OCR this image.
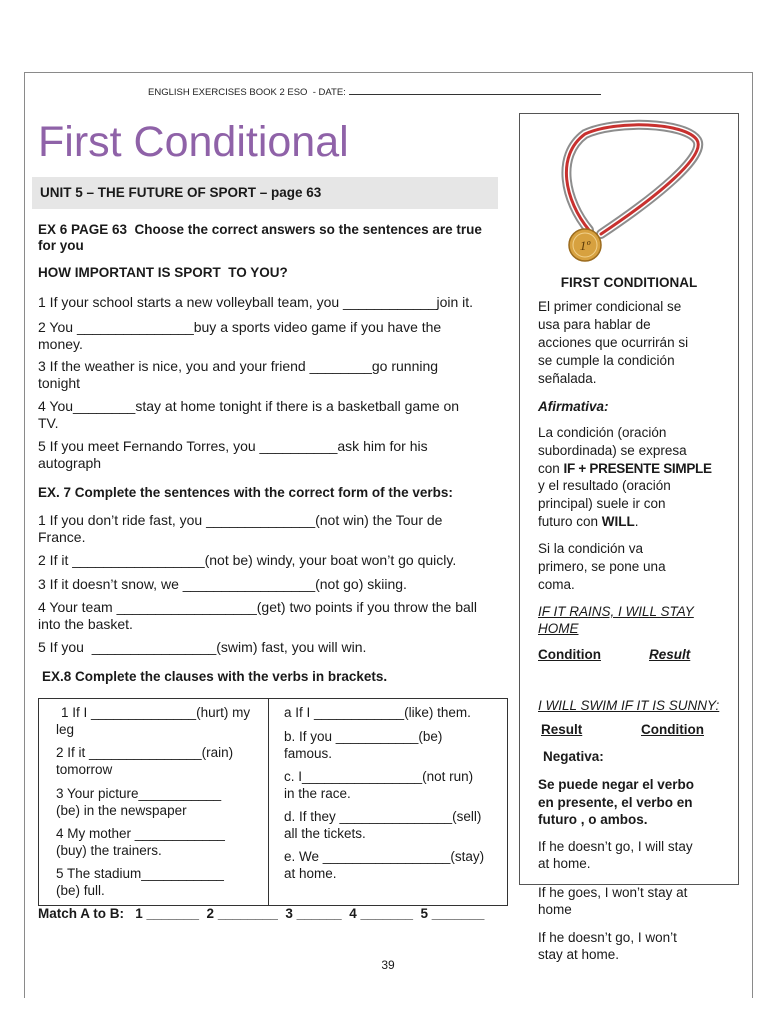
ENGLISH EXERCISES BOOK 2 ESO  - DATE:
First Conditional
UNIT 5 – THE FUTURE OF SPORT – page 63
EX 6 PAGE 63  Choose the correct answers so the sentences are true
for you
HOW IMPORTANT IS SPORT  TO YOU?
1 If your school starts a new volleyball team, you ____________join it.
2 You _______________buy a sports video game if you have the
money.
3 If the weather is nice, you and your friend ________go running
tonight
4 You________stay at home tonight if there is a basketball game on
TV.
5 If you meet Fernando Torres, you __________ask him for his
autograph
EX. 7 Complete the sentences with the correct form of the verbs:
1 If you don’t ride fast, you ______________(not win) the Tour de
France.
2 If it _________________(not be) windy, your boat won’t go quicly.
3 If it doesn’t snow, we _________________(not go) skiing.
4 Your team __________________(get) two points if you throw the ball
into the basket.
5 If you  ________________(swim) fast, you will win.
EX.8 Complete the clauses with the verbs in brackets.
1 If I ______________(hurt) my
leg
2 If it _______________(rain)
tomorrow
3 Your picture___________
(be) in the newspaper
4 My mother ____________
(buy) the trainers.
5 The stadium___________
(be) full.
a If I ____________(like) them.
b. If you ___________(be)
famous.
c. I________________(not run)
in the race.
d. If they _______________(sell)
all the tickets.
e. We _________________(stay)
at home.
Match A to B:   1 _______  2 ________  3 ______  4 _______  5 _______
39
1º
FIRST CONDITIONAL
El primer condicional se
usa para hablar de
acciones que ocurrirán si
se cumple la condición
señalada.
Afirmativa:
La condición (oración
subordinada) se expresa
con IF + PRESENTE SIMPLE
y el resultado (oración
principal) suele ir con
futuro con WILL.
Si la condición va
primero, se pone una
coma.
IF IT RAINS, I WILL STAY
HOME
Condition	Result
I WILL SWIM IF IT IS SUNNY:
Result	Condition
Negativa:
Se puede negar el verbo
en presente, el verbo en
futuro , o ambos.
If he doesn’t go, I will stay
at home.
If he goes, I won’t stay at
home
If he doesn’t go, I won’t
stay at home.
